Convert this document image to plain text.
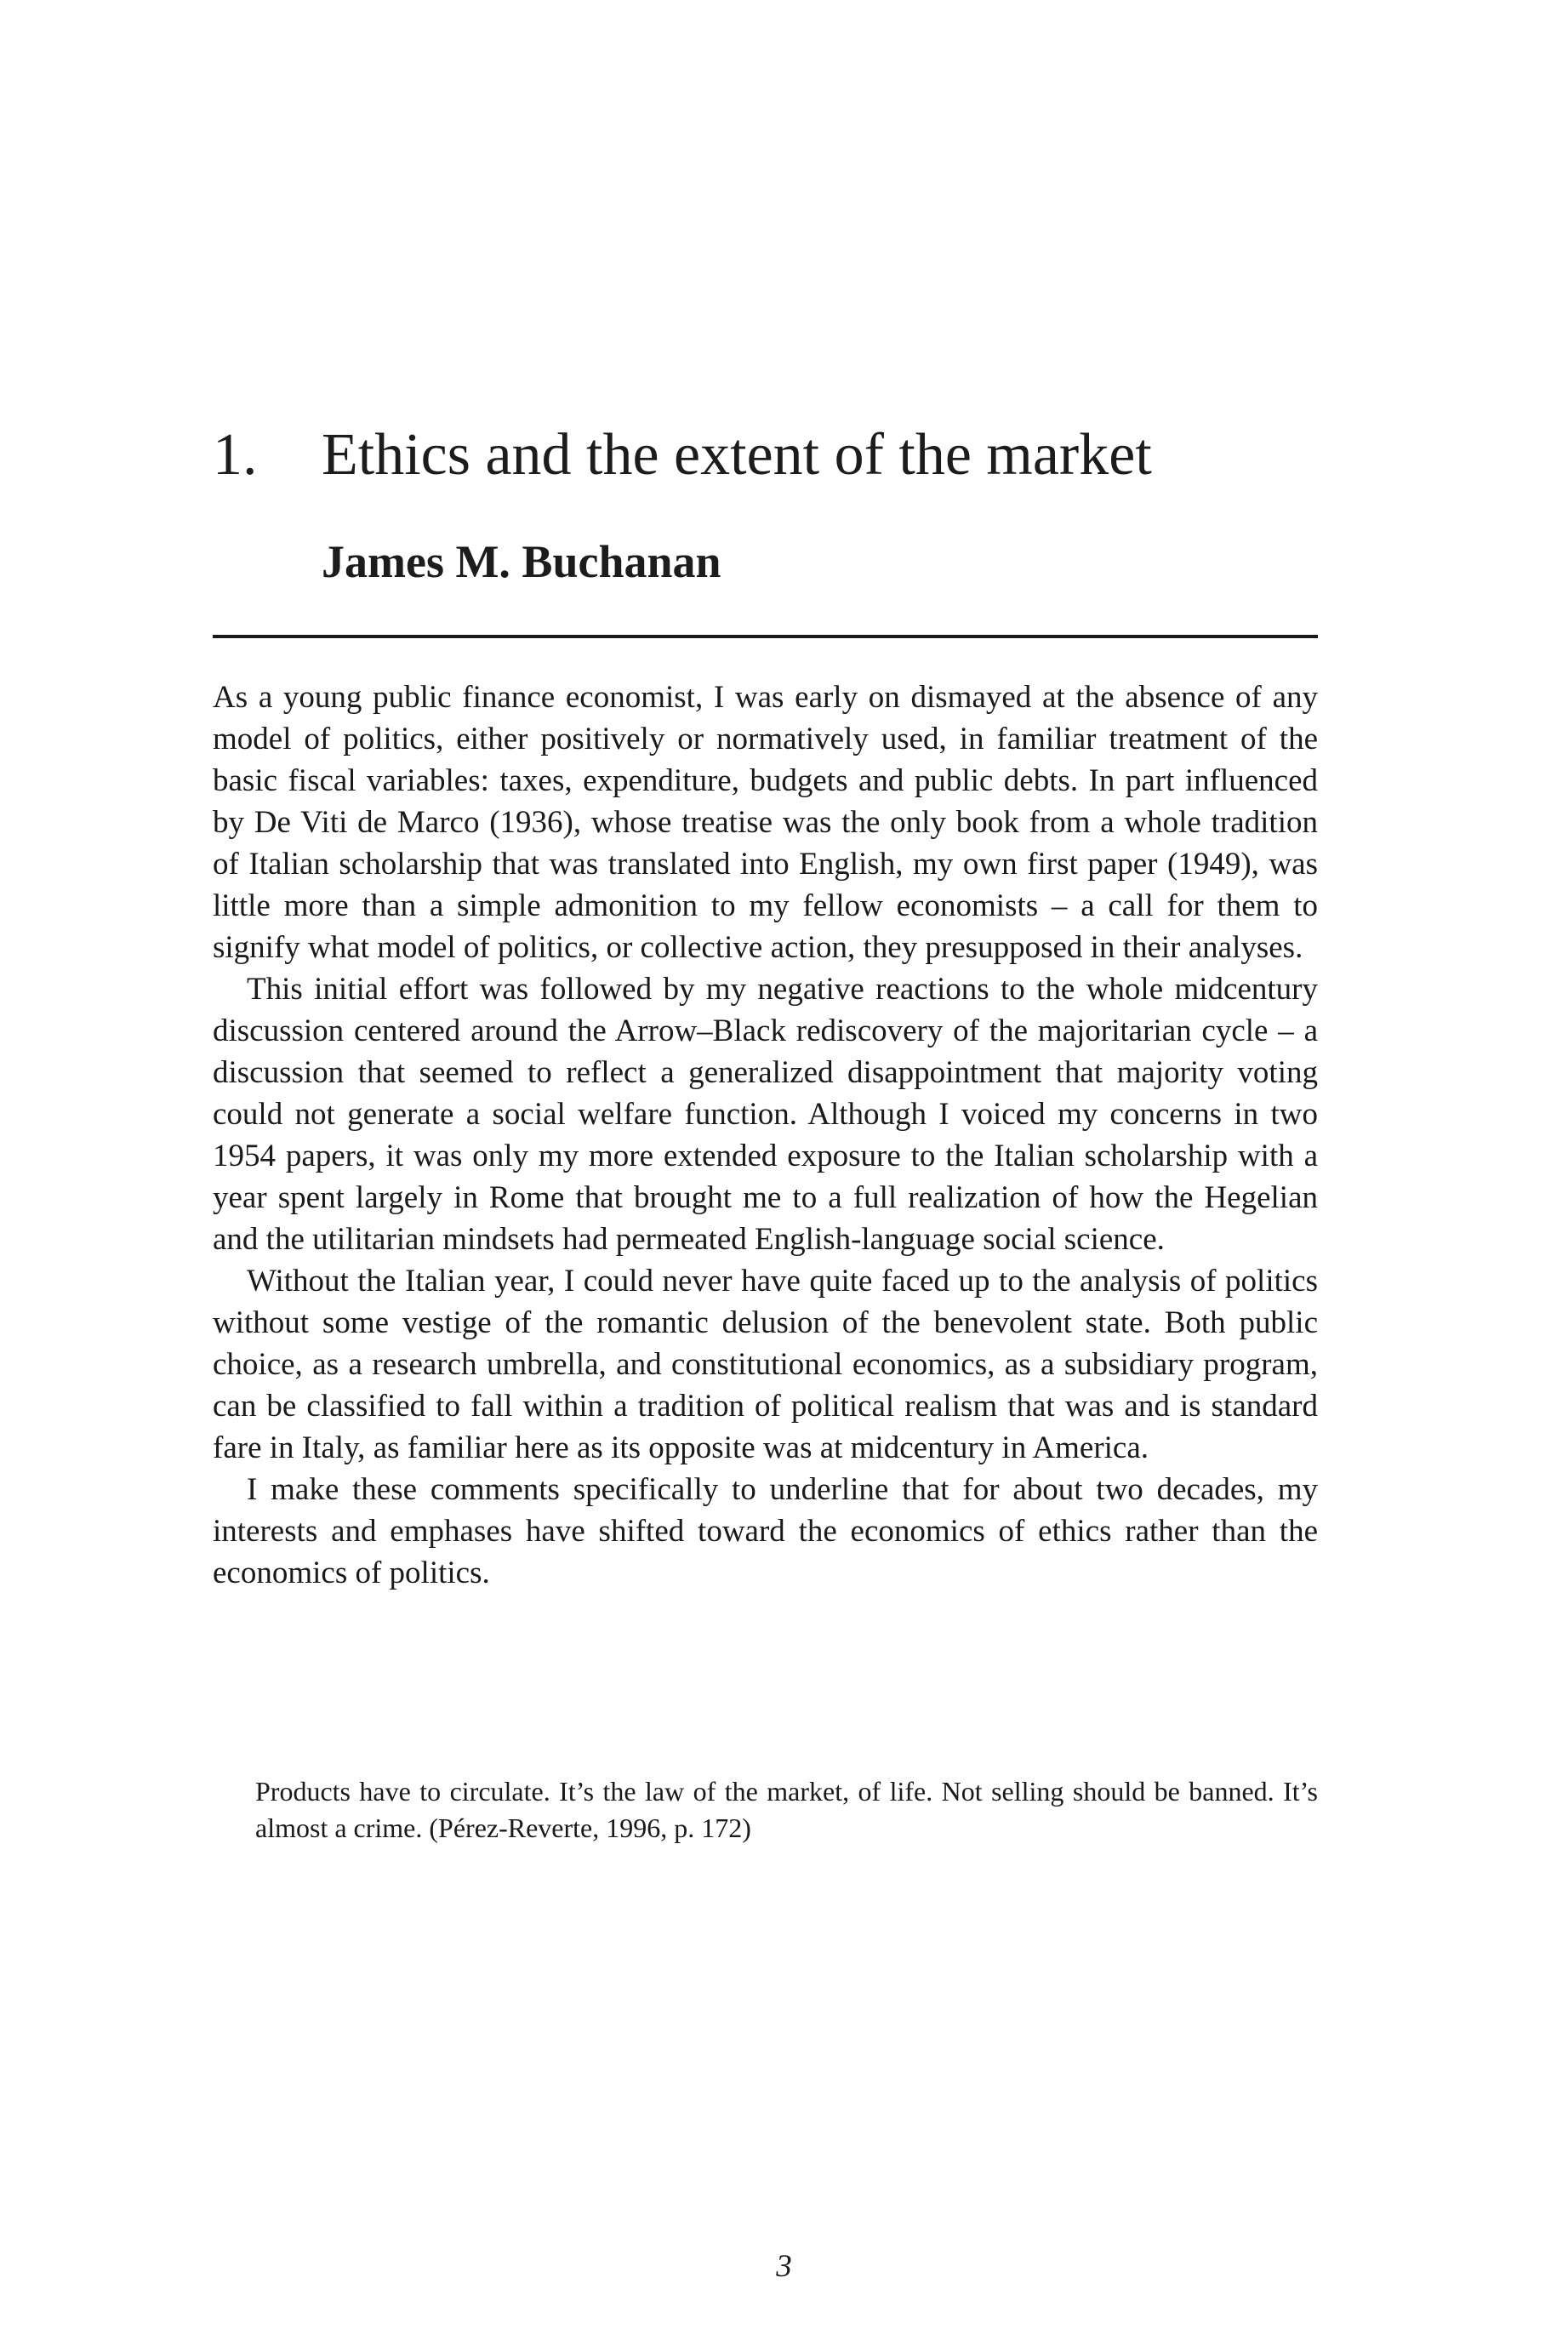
1. Ethics and the extent of the market
James M. Buchanan

As a young public finance economist, I was early on dismayed at the absence of any model of politics, either positively or normatively used, in familiar treatment of the basic fiscal variables: taxes, expenditure, budgets and public debts. In part influenced by De Viti de Marco (1936), whose treatise was the only book from a whole tradition of Italian scholarship that was translated into English, my own first paper (1949), was little more than a simple admonition to my fellow economists – a call for them to signify what model of politics, or collective action, they presupposed in their analyses.

This initial effort was followed by my negative reactions to the whole midcentury discussion centered around the Arrow–Black rediscovery of the majoritarian cycle – a discussion that seemed to reflect a generalized disappointment that majority voting could not generate a social welfare function. Although I voiced my concerns in two 1954 papers, it was only my more extended exposure to the Italian scholarship with a year spent largely in Rome that brought me to a full realization of how the Hegelian and the utilitarian mindsets had permeated English-language social science.

Without the Italian year, I could never have quite faced up to the analysis of politics without some vestige of the romantic delusion of the benevolent state. Both public choice, as a research umbrella, and constitutional economics, as a subsidiary program, can be classified to fall within a tradition of political realism that was and is standard fare in Italy, as familiar here as its opposite was at midcentury in America.

I make these comments specifically to underline that for about two decades, my interests and emphases have shifted toward the economics of ethics rather than the economics of politics.

Products have to circulate. It’s the law of the market, of life. Not selling should be banned. It’s almost a crime. (Pérez-Reverte, 1996, p. 172)

3
